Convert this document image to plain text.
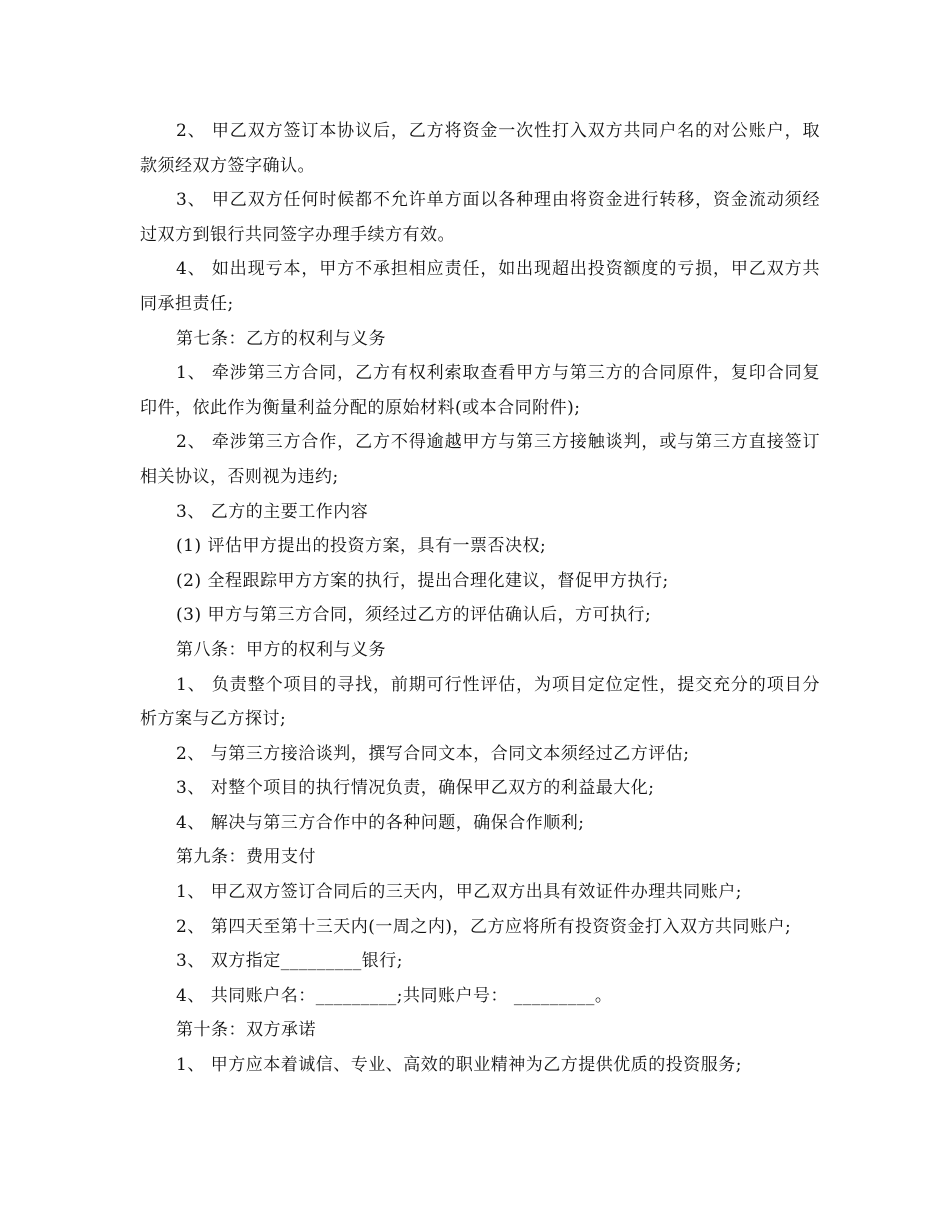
2、 甲乙双方签订本协议后，乙方将资金一次性打入双方共同户名的对公账户，取款须经双方签字确认。

3、 甲乙双方任何时候都不允许单方面以各种理由将资金进行转移，资金流动须经过双方到银行共同签字办理手续方有效。

4、 如出现亏本，甲方不承担相应责任，如出现超出投资额度的亏损，甲乙双方共同承担责任;

第七条：乙方的权利与义务

1、 牵涉第三方合同，乙方有权利索取查看甲方与第三方的合同原件，复印合同复印件，依此作为衡量利益分配的原始材料(或本合同附件);

2、 牵涉第三方合作，乙方不得逾越甲方与第三方接触谈判，或与第三方直接签订相关协议，否则视为违约;

3、 乙方的主要工作内容

(1) 评估甲方提出的投资方案，具有一票否决权;

(2) 全程跟踪甲方方案的执行，提出合理化建议，督促甲方执行;

(3) 甲方与第三方合同，须经过乙方的评估确认后，方可执行;

第八条：甲方的权利与义务

1、 负责整个项目的寻找，前期可行性评估，为项目定位定性，提交充分的项目分析方案与乙方探讨;

2、 与第三方接洽谈判，撰写合同文本，合同文本须经过乙方评估;

3、 对整个项目的执行情况负责，确保甲乙双方的利益最大化;

4、 解决与第三方合作中的各种问题，确保合作顺利;

第九条：费用支付

1、 甲乙双方签订合同后的三天内，甲乙双方出具有效证件办理共同账户;

2、 第四天至第十三天内(一周之内)，乙方应将所有投资资金打入双方共同账户;

3、 双方指定_________银行;

4、 共同账户名：_________;共同账户号： _________。

第十条：双方承诺

1、 甲方应本着诚信、专业、高效的职业精神为乙方提供优质的投资服务;
